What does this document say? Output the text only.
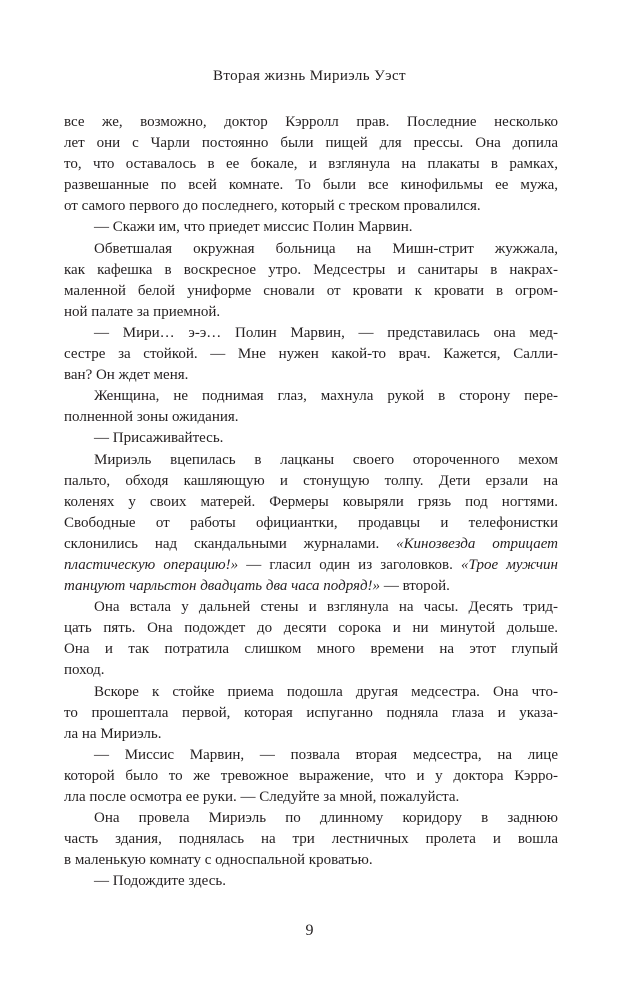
Вторая жизнь Мириэль Уэст
все же, возможно, доктор Кэрролл прав. Последние несколько
лет они с Чарли постоянно были пищей для прессы. Она допила
то, что оставалось в ее бокале, и взглянула на плакаты в рамках,
развешанные по всей комнате. То были все кинофильмы ее мужа,
от самого первого до последнего, который с треском провалился.
— Скажи им, что приедет миссис Полин Марвин.
Обветшалая окружная больница на Мишн-стрит жужжала,
как кафешка в воскресное утро. Медсестры и санитары в накрах-
маленной белой униформе сновали от кровати к кровати в огром-
ной палате за приемной.
— Мири… э-э… Полин Марвин, — представилась она мед-
сестре за стойкой. — Мне нужен какой-то врач. Кажется, Салли-
ван? Он ждет меня.
Женщина, не поднимая глаз, махнула рукой в сторону пере-
полненной зоны ожидания.
— Присаживайтесь.
Мириэль вцепилась в лацканы своего отороченного мехом
пальто, обходя кашляющую и стонущую толпу. Дети ерзали на
коленях у своих матерей. Фермеры ковыряли грязь под ногтями.
Свободные от работы официантки, продавцы и телефонистки
склонились над скандальными журналами. «Кинозвезда отрицает
пластическую операцию!» — гласил один из заголовков. «Трое мужчин
танцуют чарльстон двадцать два часа подряд!» — второй.
Она встала у дальней стены и взглянула на часы. Десять трид-
цать пять. Она подождет до десяти сорока и ни минутой дольше.
Она и так потратила слишком много времени на этот глупый
поход.
Вскоре к стойке приема подошла другая медсестра. Она что-
то прошептала первой, которая испуганно подняла глаза и указа-
ла на Мириэль.
— Миссис Марвин, — позвала вторая медсестра, на лице
которой было то же тревожное выражение, что и у доктора Кэрро-
лла после осмотра ее руки. — Следуйте за мной, пожалуйста.
Она провела Мириэль по длинному коридору в заднюю
часть здания, поднялась на три лестничных пролета и вошла
в маленькую комнату с односпальной кроватью.
— Подождите здесь.
9
